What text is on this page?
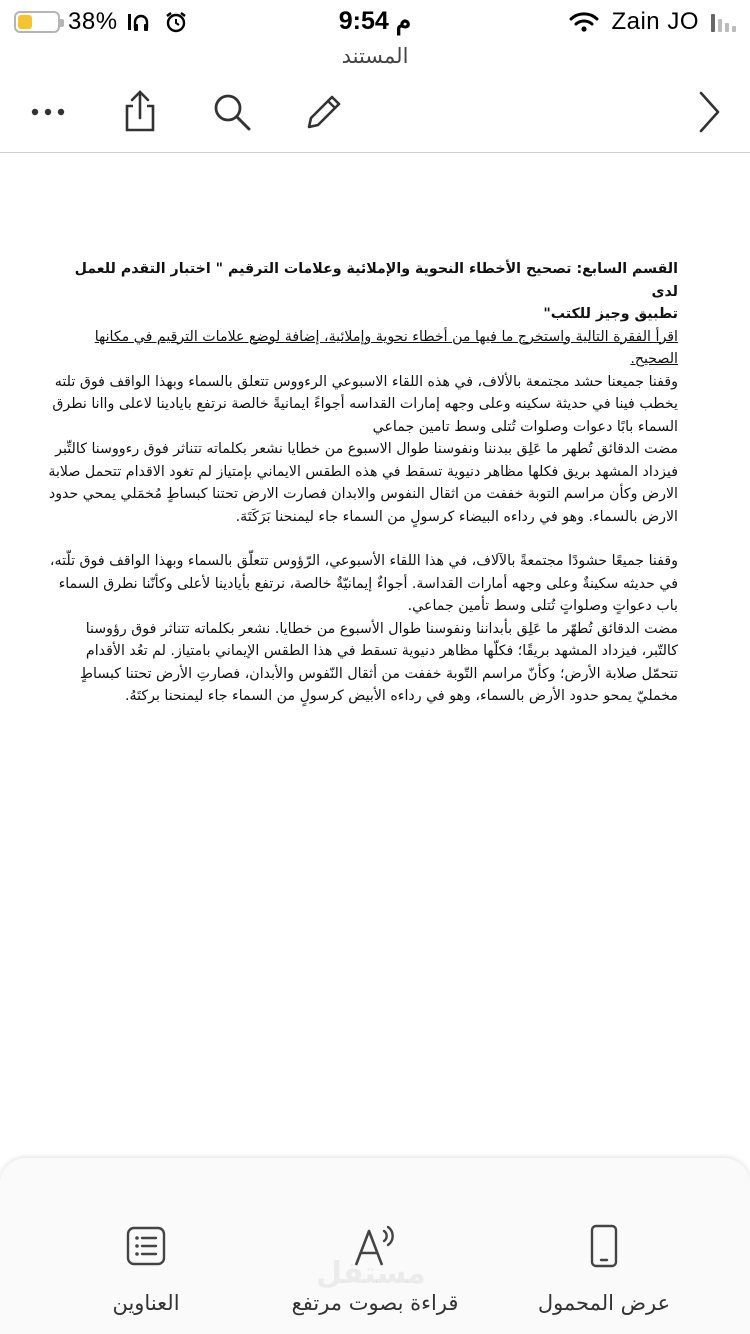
38%	9:54 م	Zain JO
المستند
القسم السابع: تصحيح الأخطاء النحوية والإملائية وعلامات الترقيم " اختبار التقدم للعمل لدى
تطبيق وجيز للكتب"
اقرأ الفقرة التالية واستخرج ما فيها من أخطاء نحوية وإملائية، إضافة لوضع علامات الترقيم في مكانها الصحيح.

وقفنا جميعنا حشد مجتمعة بالألاف، في هذه اللقاء الاسبوعي الرءووس تتعلق بالسماء وبهذا الواقف فوق تلته يخطب فينا في حديثة سكينه وعلى وجهه إمارات القداسه أجواءً ايمانيةً خالصة نرتفع بايادينا لاعلى واانا نطرق السماء بابًا دعوات وصلوات تُتلى وسط تامين جماعي

مضت الدقائق تُطهر ما عَلِق ببدننا ونفوسنا طوال الاسبوع من خطايا نشعر بكلماته تتناثر فوق رءووسنا كالتِّبر فيزداد المشهد بريق فكلها مظاهر دنيوية تسقط في هذه الطقس الايماني بإمتياز لم تغود الاقدام تتحمل صلابة الارض وكأن مراسم التوبة خففت من اثقال النفوس والابدان فصارت الارض تحتنا كبساطٍ مُخمَلي يمحي حدود الارض بالسماء. وهو في رداءه البيضاء كرسولٍ من السماء جاء ليمنحنا بَرَكَتَهَ.

وقفنا جميعًا حشودًا مجتمعةً بالآلاف، في هذا اللقاء الأسبوعي، الرّؤوس تتعلّق بالسماء وبهذا الواقف فوق تلّته، في حديثه سكينةٌ وعلى وجهه أمارات القداسة. أجواءٌ إيمانيّةٌ خالصة، نرتفع بأيادينا لأعلى وكأنّنا نطرق السماء باب دعواتٍ وصلواتٍ تُتلى وسط تأمين جماعي.

مضت الدقائق تُطهّر ما عَلِق بأبداننا ونفوسنا طوال الأسبوع من خطايا. نشعر بكلماته تتناثر فوق رؤوسنا كالتّبر، فيزداد المشهد بريقًا؛ فكلّها مظاهر دنيوية تسقط في هذا الطقس الإيماني بامتياز. لم تعُد الأقدام تتحمّل صلابة الأرض؛ وكأنّ مراسم التّوبة خففت من أثقال النّفوس والأبدان، فصارتِ الأرض تحتنا كبساطٍ مخمليّ يمحو حدود الأرض بالسماء، وهو في رداءه الأبيض كرسولٍ من السماء جاء ليمنحنا بركتَهُ.

مستقل
العناوين	قراءة بصوت مرتفع	عرض المحمول
